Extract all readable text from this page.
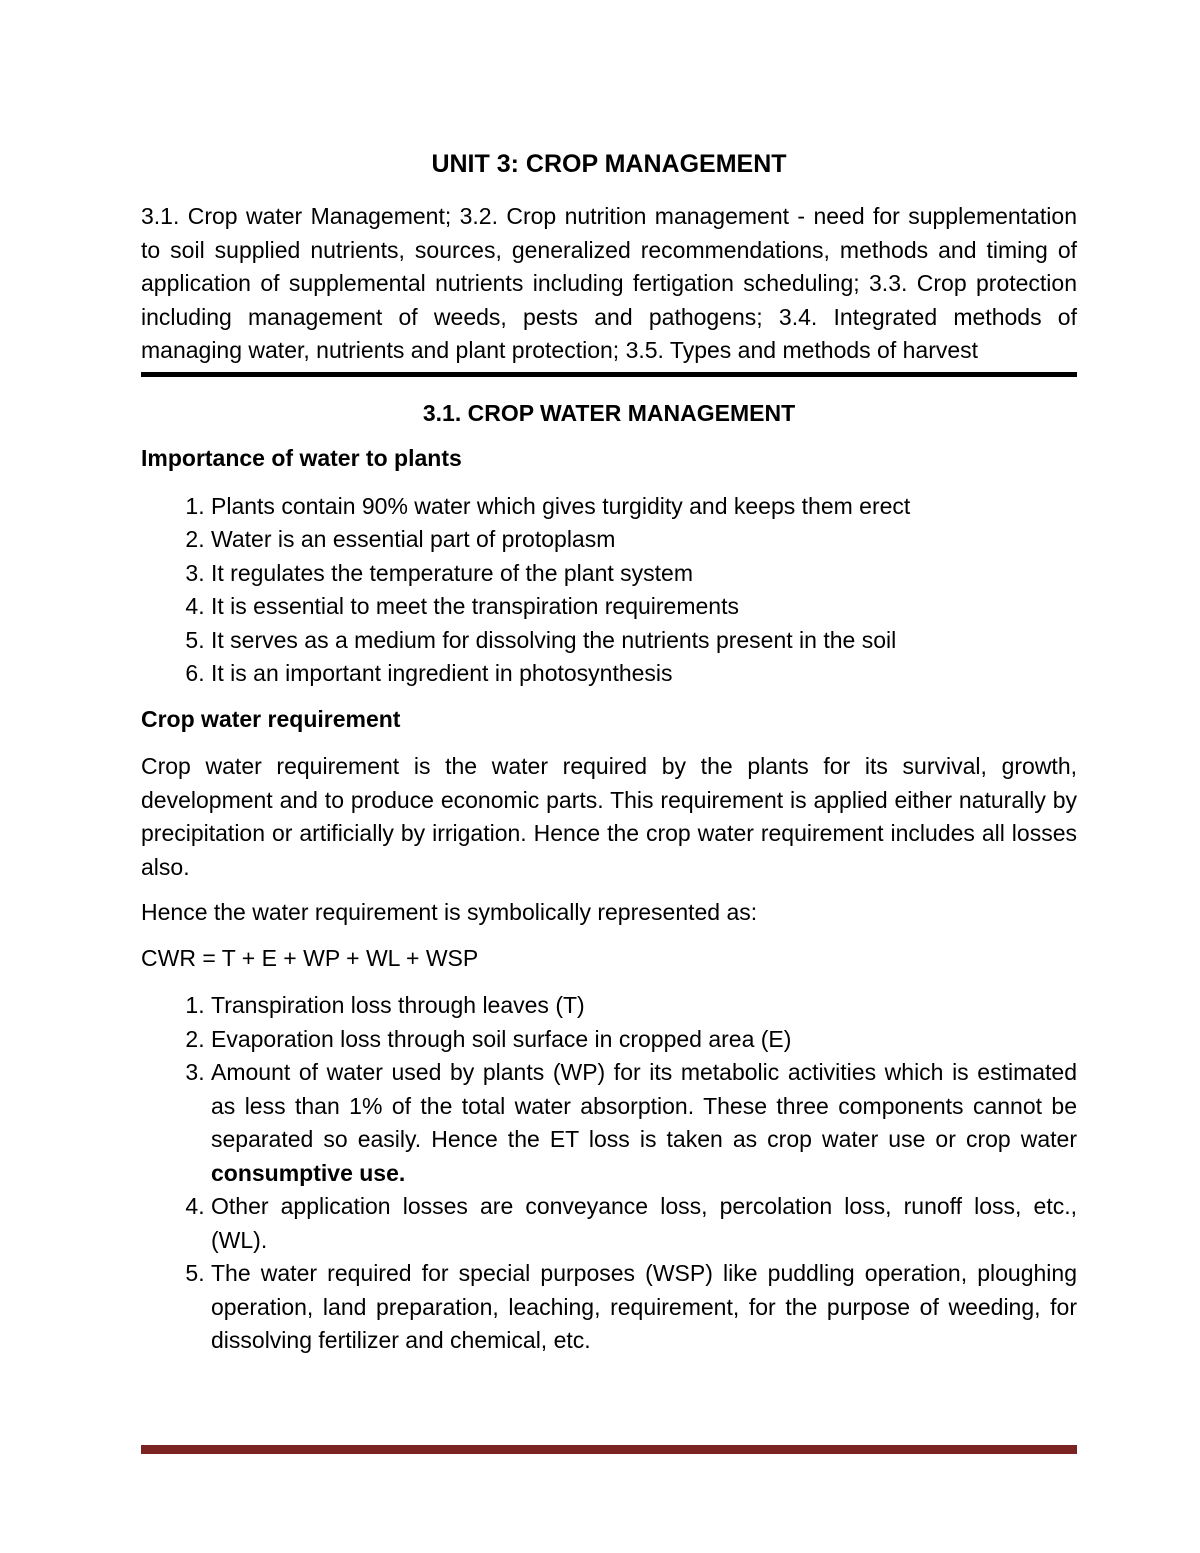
UNIT 3: CROP MANAGEMENT

3.1. Crop water Management; 3.2. Crop nutrition management - need for supplementation to soil supplied nutrients, sources, generalized recommendations, methods and timing of application of supplemental nutrients including fertigation scheduling; 3.3. Crop protection including management of weeds, pests and pathogens; 3.4. Integrated methods of managing water, nutrients and plant protection; 3.5. Types and methods of harvest

3.1. CROP WATER MANAGEMENT
Importance of water to plants
1. Plants contain 90% water which gives turgidity and keeps them erect
2. Water is an essential part of protoplasm
3. It regulates the temperature of the plant system
4. It is essential to meet the transpiration requirements
5. It serves as a medium for dissolving the nutrients present in the soil
6. It is an important ingredient in photosynthesis
Crop water requirement

Crop water requirement is the water required by the plants for its survival, growth, development and to produce economic parts. This requirement is applied either naturally by precipitation or artificially by irrigation. Hence the crop water requirement includes all losses also.

Hence the water requirement is symbolically represented as:

CWR = T + E + WP + WL + WSP

1. Transpiration loss through leaves (T)
2. Evaporation loss through soil surface in cropped area (E)
3. Amount of water used by plants (WP) for its metabolic activities which is estimated as less than 1% of the total water absorption. These three components cannot be separated so easily. Hence the ET loss is taken as crop water use or crop water consumptive use.
4. Other application losses are conveyance loss, percolation loss, runoff loss, etc., (WL).
5. The water required for special purposes (WSP) like puddling operation, ploughing operation, land preparation, leaching, requirement, for the purpose of weeding, for dissolving fertilizer and chemical, etc.
